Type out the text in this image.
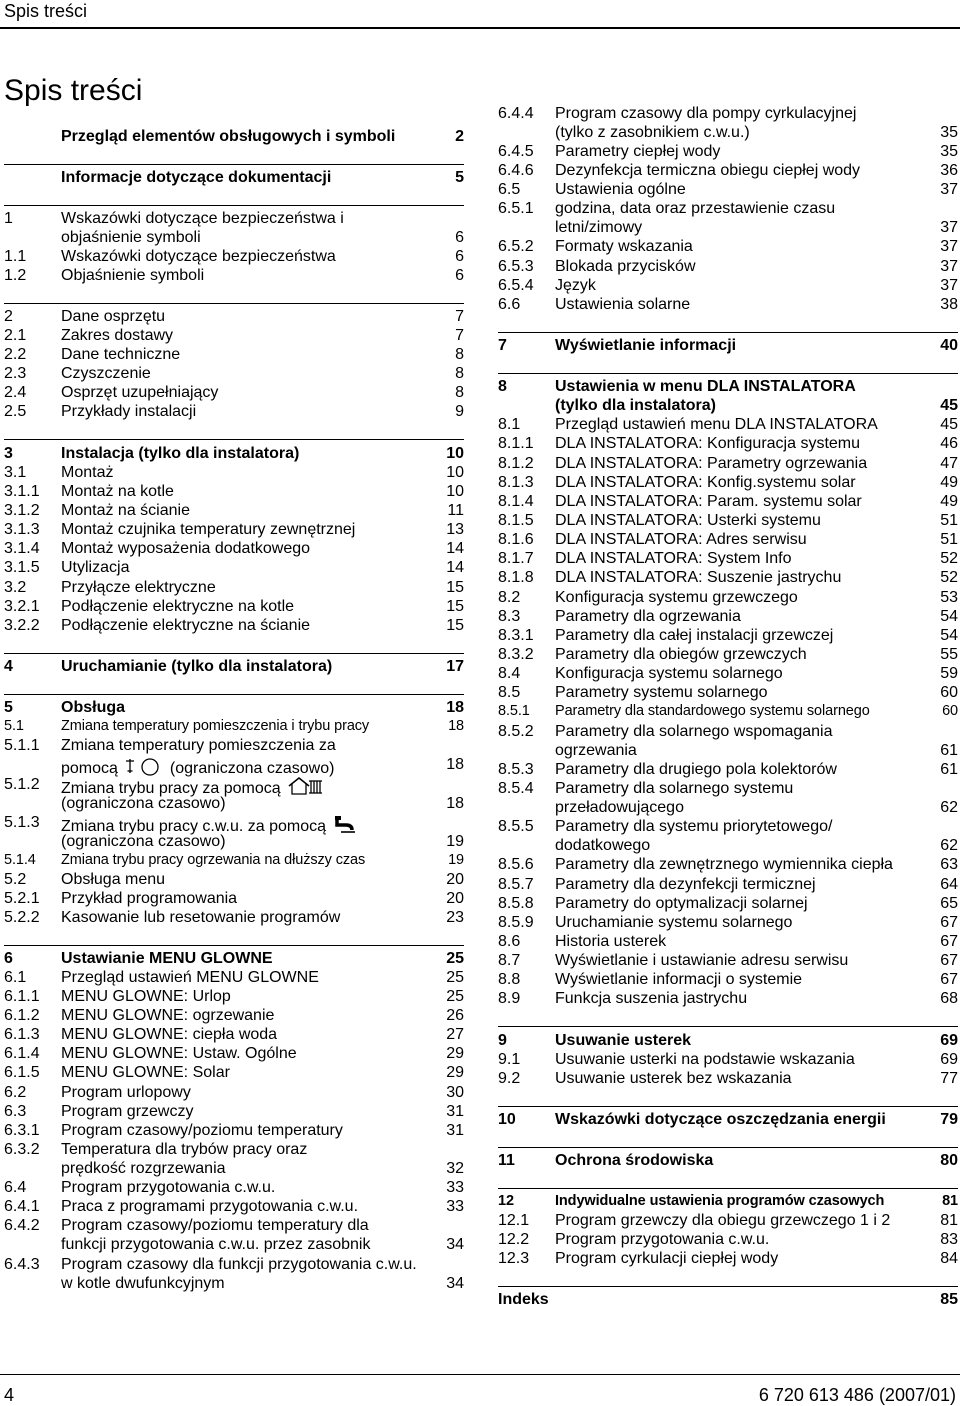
Spis treści
Spis treści
Przegląd elementów obsługowych i symboli	2
Informacje dotyczące dokumentacji	5
1	Wskazówki dotyczące bezpieczeństwa i
objaśnienie symboli	6
1.1 Wskazówki dotyczące bezpieczeństwa	6
1.2 Objaśnienie symboli	6
2	Dane osprzętu	7
2.1 Zakres dostawy	7
2.2 Dane techniczne	8
2.3 Czyszczenie	8
2.4 Osprzęt uzupełniający	8
2.5 Przykłady instalacji	9
3	Instalacja (tylko dla instalatora)	10
3.1 Montaż	10
3.1.1 Montaż na kotle	10
3.1.2 Montaż na ścianie	11
3.1.3 Montaż czujnika temperatury zewnętrznej	13
3.1.4 Montaż wyposażenia dodatkowego	14
3.1.5 Utylizacja	14
3.2 Przyłącze elektryczne	15
3.2.1 Podłączenie elektryczne na kotle	15
3.2.2 Podłączenie elektryczne na ścianie	15
4	Uruchamianie (tylko dla instalatora)	17
5	Obsługa	18
5.1	Zmiana temperatury pomieszczenia i trybu pracy	18
5.1.1 Zmiana temperatury pomieszczenia za
pomocą	(ograniczona czasowo)	18
5.1.2 Zmiana trybu pracy za pomocą
(ograniczona czasowo)	18
5.1.3 Zmiana trybu pracy c.w.u. za pomocą
(ograniczona czasowo)	19
5.1.4 Zmiana trybu pracy ogrzewania na dłuższy czas	19
5.2 Obsługa menu	20
5.2.1 Przykład programowania	20
5.2.2 Kasowanie lub resetowanie programów	23
6	Ustawianie MENU GLOWNE	25
6.1 Przegląd ustawień MENU GLOWNE	25
6.1.1 MENU GLOWNE: Urlop	25
6.1.2 MENU GLOWNE: ogrzewanie	26
6.1.3 MENU GLOWNE: ciepła woda	27
6.1.4 MENU GLOWNE: Ustaw. Ogólne	29
6.1.5 MENU GLOWNE: Solar	29
6.2 Program urlopowy	30
6.3 Program grzewczy	31
6.3.1 Program czasowy/poziomu temperatury	31
6.3.2 Temperatura dla trybów pracy oraz
prędkość rozgrzewania	32
6.4 Program przygotowania c.w.u.	33
6.4.1 Praca z programami przygotowania c.w.u.	33
6.4.2 Program czasowy/poziomu temperatury dla
funkcji przygotowania c.w.u. przez zasobnik	34
6.4.3 Program czasowy dla funkcji przygotowania c.w.u.
w kotle dwufunkcyjnym	34
6.4.4 Program czasowy dla pompy cyrkulacyjnej
(tylko z zasobnikiem c.w.u.)	35
6.4.5 Parametry ciepłej wody	35
6.4.6 Dezynfekcja termiczna obiegu ciepłej wody	36
6.5 Ustawienia ogólne	37
6.5.1 godzina, data oraz przestawienie czasu
letni/zimowy	37
6.5.2 Formaty wskazania	37
6.5.3 Blokada przycisków	37
6.5.4 Język	37
6.6 Ustawienia solarne	38
7	Wyświetlanie informacji	40
8	Ustawienia w menu DLA INSTALATORA
(tylko dla instalatora)	45
8.1 Przegląd ustawień menu DLA INSTALATORA	45
8.1.1 DLA INSTALATORA: Konfiguracja systemu	46
8.1.2 DLA INSTALATORA: Parametry ogrzewania	47
8.1.3 DLA INSTALATORA: Konfig.systemu solar	49
8.1.4 DLA INSTALATORA: Param. systemu solar	49
8.1.5 DLA INSTALATORA: Usterki systemu	51
8.1.6 DLA INSTALATORA: Adres serwisu	51
8.1.7 DLA INSTALATORA: System Info	52
8.1.8 DLA INSTALATORA: Suszenie jastrychu	52
8.2 Konfiguracja systemu grzewczego	53
8.3 Parametry dla ogrzewania	54
8.3.1 Parametry dla całej instalacji grzewczej	54
8.3.2 Parametry dla obiegów grzewczych	55
8.4 Konfiguracja systemu solarnego	59
8.5 Parametry systemu solarnego	60
8.5.1 Parametry dla standardowego systemu solarnego	60
8.5.2 Parametry dla solarnego wspomagania
ogrzewania	61
8.5.3 Parametry dla drugiego pola kolektorów	61
8.5.4 Parametry dla solarnego systemu
przeładowującego	62
8.5.5 Parametry dla systemu priorytetowego/
dodatkowego	62
8.5.6 Parametry dla zewnętrznego wymiennika ciepła	63
8.5.7 Parametry dla dezynfekcji termicznej	64
8.5.8 Parametry do optymalizacji solarnej	65
8.5.9 Uruchamianie systemu solarnego	67
8.6 Historia usterek	67
8.7 Wyświetlanie i ustawianie adresu serwisu	67
8.8 Wyświetlanie informacji o systemie	67
8.9 Funkcja suszenia jastrychu	68
9	Usuwanie usterek	69
9.1 Usuwanie usterki na podstawie wskazania	69
9.2 Usuwanie usterek bez wskazania	77
10 Wskazówki dotyczące oszczędzania energii	79
11	Ochrona środowiska	80
12	Indywidualne ustawienia programów czasowych	81
12.1 Program grzewczy dla obiegu grzewczego 1 i 2	81
12.2 Program przygotowania c.w.u.	83
12.3 Program cyrkulacji ciepłej wody	84
Indeks	85
4	6 720 613 486 (2007/01)
